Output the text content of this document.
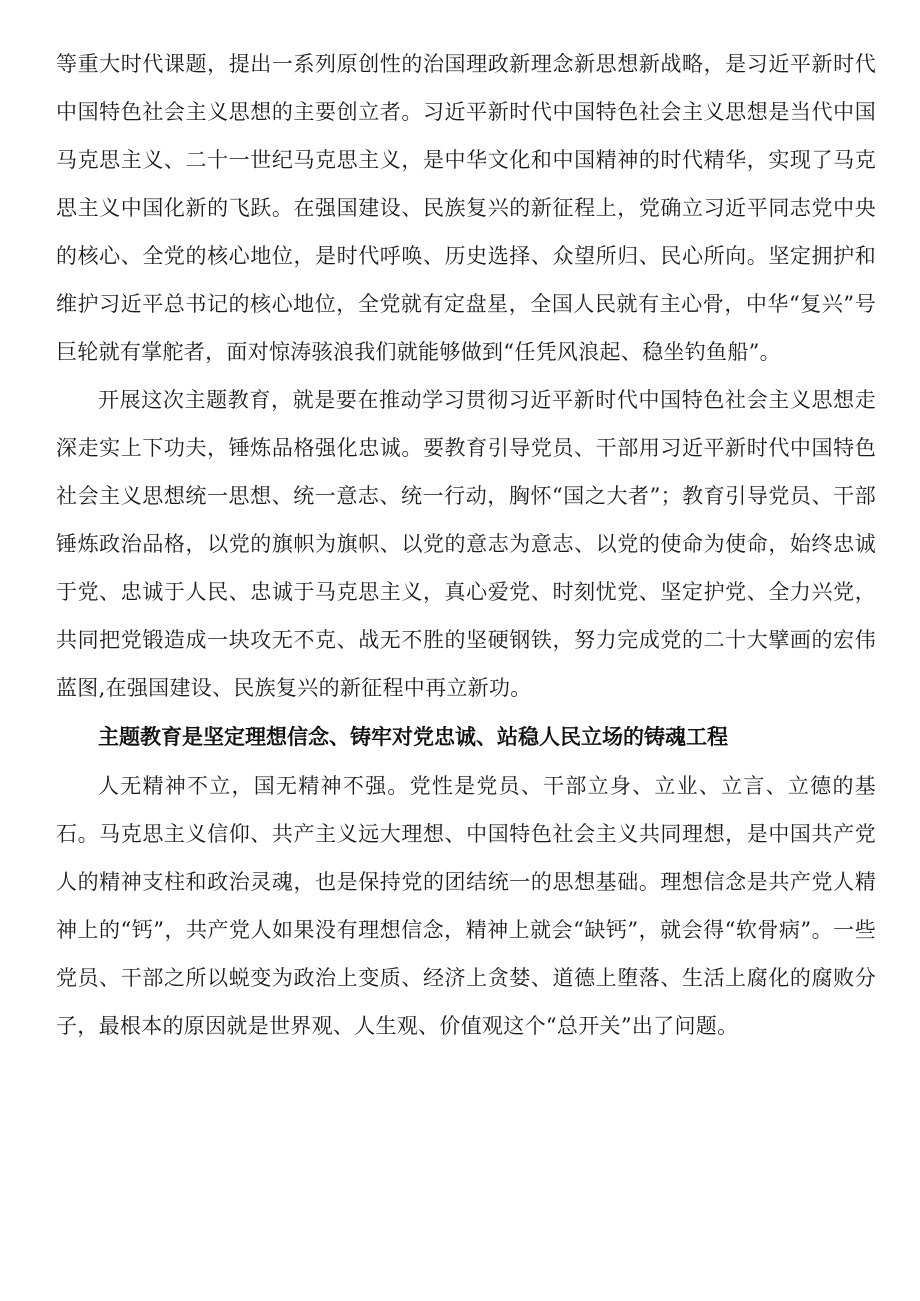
等重大时代课题，提出一系列原创性的治国理政新理念新思想新战略，是习近平新时代中国特色社会主义思想的主要创立者。习近平新时代中国特色社会主义思想是当代中国马克思主义、二十一世纪马克思主义，是中华文化和中国精神的时代精华，实现了马克思主义中国化新的飞跃。在强国建设、民族复兴的新征程上，党确立习近平同志党中央的核心、全党的核心地位，是时代呼唤、历史选择、众望所归、民心所向。坚定拥护和维护习近平总书记的核心地位，全党就有定盘星，全国人民就有主心骨，中华“复兴”号巨轮就有掌舵者，面对惊涛骇浪我们就能够做到“任凭风浪起、稳坐钓鱼船”。

开展这次主题教育，就是要在推动学习贯彻习近平新时代中国特色社会主义思想走深走实上下功夫，锤炼品格强化忠诚。要教育引导党员、干部用习近平新时代中国特色社会主义思想统一思想、统一意志、统一行动，胸怀“国之大者”；教育引导党员、干部锤炼政治品格，以党的旗帜为旗帜、以党的意志为意志、以党的使命为使命，始终忠诚于党、忠诚于人民、忠诚于马克思主义，真心爱党、时刻忧党、坚定护党、全力兴党，共同把党锻造成一块攻无不克、战无不胜的坚硬钢铁，努力完成党的二十大擘画的宏伟蓝图,在强国建设、民族复兴的新征程中再立新功。

主题教育是坚定理想信念、铸牢对党忠诚、站稳人民立场的铸魂工程

人无精神不立，国无精神不强。党性是党员、干部立身、立业、立言、立德的基石。马克思主义信仰、共产主义远大理想、中国特色社会主义共同理想，是中国共产党人的精神支柱和政治灵魂，也是保持党的团结统一的思想基础。理想信念是共产党人精神上的“钙”，共产党人如果没有理想信念，精神上就会“缺钙”，就会得“软骨病”。一些党员、干部之所以蜕变为政治上变质、经济上贪婪、道德上堕落、生活上腐化的腐败分子，最根本的原因就是世界观、人生观、价值观这个“总开关”出了问题。
